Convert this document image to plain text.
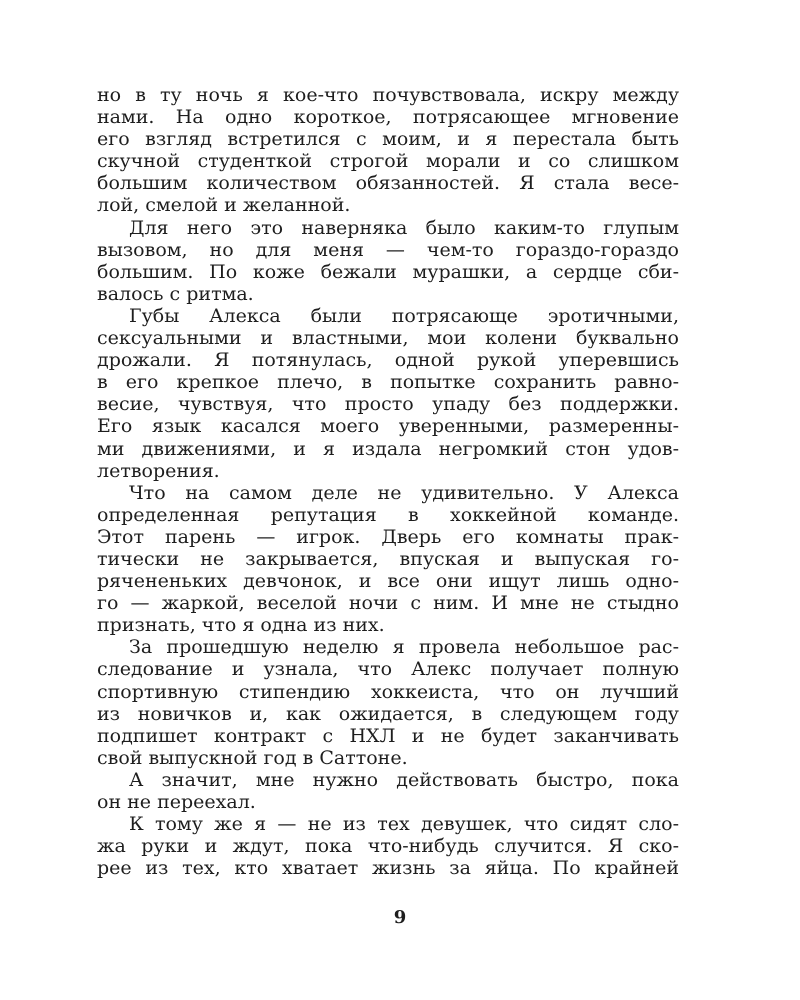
но в ту ночь я кое-что почувствовала, искру между
нами. На одно короткое, потрясающее мгновение
его взгляд встретился с моим, и я перестала быть
скучной студенткой строгой морали и со слишком
большим количеством обязанностей. Я стала весе-
лой, смелой и желанной.
Для него это наверняка было каким-то глупым
вызовом, но для меня — чем-то гораздо-гораздо
большим. По коже бежали мурашки, а сердце сби-
валось с ритма.
Губы Алекса были потрясающе эротичными,
сексуальными и властными, мои колени буквально
дрожали. Я потянулась, одной рукой уперевшись
в его крепкое плечо, в попытке сохранить равно-
весие, чувствуя, что просто упаду без поддержки.
Его язык касался моего уверенными, размеренны-
ми движениями, и я издала негромкий стон удов-
летворения.
Что на самом деле не удивительно. У Алекса
определенная репутация в хоккейной команде.
Этот парень — игрок. Дверь его комнаты прак-
тически не закрывается, впуская и выпуская го-
рячененьких девчонок, и все они ищут лишь одно-
го — жаркой, веселой ночи с ним. И мне не стыдно
признать, что я одна из них.
За прошедшую неделю я провела небольшое рас-
следование и узнала, что Алекс получает полную
спортивную стипендию хоккеиста, что он лучший
из новичков и, как ожидается, в следующем году
подпишет контракт с НХЛ и не будет заканчивать
свой выпускной год в Саттоне.
А значит, мне нужно действовать быстро, пока
он не переехал.
К тому же я — не из тех девушек, что сидят сло-
жа руки и ждут, пока что-нибудь случится. Я ско-
рее из тех, кто хватает жизнь за яйца. По крайней
9
